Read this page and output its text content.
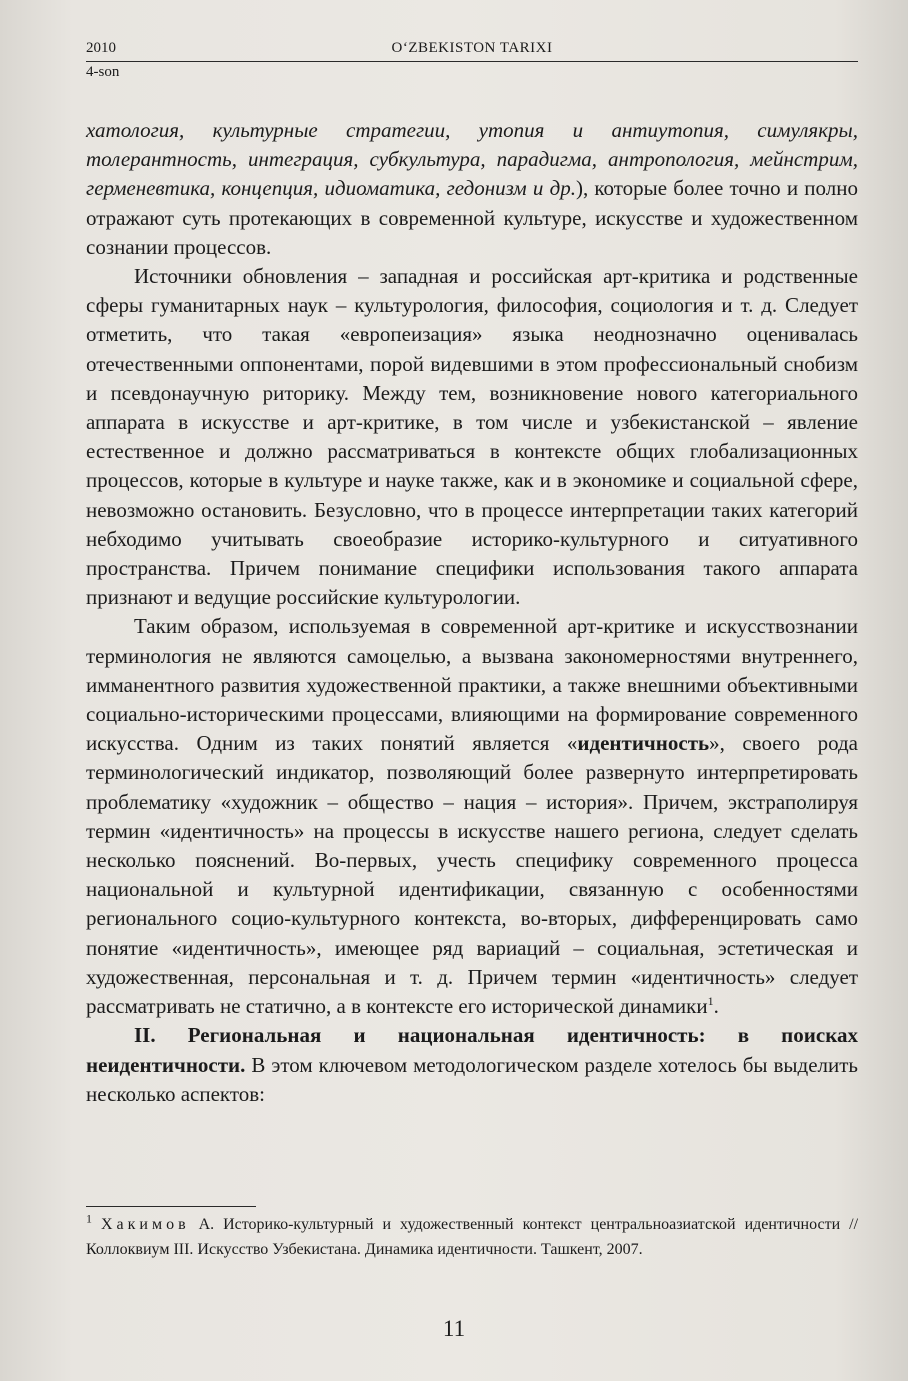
2010	O‘ZBEKISTON TARIXI
4-son

хатология, культурные стратегии, утопия и антиутопия, симулякры, толерантность, интеграция, субкультура, парадигма, антропология, мейнстрим, герменевтика, концепция, идиоматика, гедонизм и др.), которые более точно и полно отражают суть протекающих в современной культуре, искусстве и художественном сознании процессов.

Источники обновления – западная и российская арт-критика и родственные сферы гуманитарных наук – культурология, философия, социология и т. д. Следует отметить, что такая «европеизация» языка неоднозначно оценивалась отечественными оппонентами, порой видевшими в этом профессиональный снобизм и псевдонаучную риторику. Между тем, возникновение нового категориального аппарата в искусстве и арт-критике, в том числе и узбекистанской – явление естественное и должно рассматриваться в контексте общих глобализационных процессов, которые в культуре и науке также, как и в экономике и социальной сфере, невозможно остановить. Безусловно, что в процессе интерпретации таких категорий небходимо учитывать своеобразие историко-культурного и ситуативного пространства. Причем понимание специфики использования такого аппарата признают и ведущие российские культурологии.

Таким образом, используемая в современной арт-критике и искусствознании терминология не являются самоцелью, а вызвана закономерностями внутреннего, имманентного развития художественной практики, а также внешними объективными социально-историческими процессами, влияющими на формирование современного искусства. Одним из таких понятий является «идентичность», своего рода терминологический индикатор, позволяющий более развернуто интерпретировать проблематику «художник – общество – нация – история». Причем, экстраполируя термин «идентичность» на процессы в искусстве нашего региона, следует сделать несколько пояснений. Во-первых, учесть специфику современного процесса национальной и культурной идентификации, связанную с особенностями регионального социо-культурного контекста, во-вторых, дифференцировать само понятие «идентичность», имеющее ряд вариаций – социальная, эстетическая и художественная, персональная и т. д. Причем термин «идентичность» следует рассматривать не статично, а в контексте его исторической динамики$^1$.

II. Региональная и национальная идентичность: в поисках неидентичности. В этом ключевом методологическом разделе хотелось бы выделить несколько аспектов:

$^1$ Хакимов А. Историко-культурный и художественный контекст центральноазиатской идентичности // Коллоквиум III. Искусство Узбекистана. Динамика идентичности. Ташкент, 2007.
11
